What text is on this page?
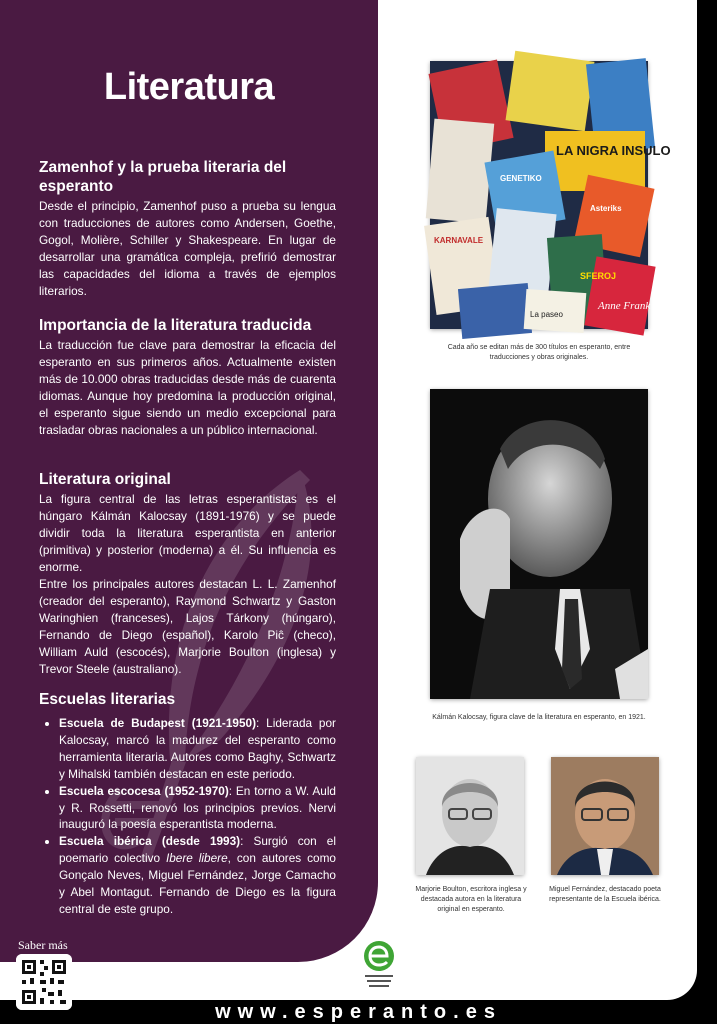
Literatura
Zamenhof y la prueba literaria del esperanto

Desde el principio, Zamenhof puso a prueba su lengua con traducciones de autores como Andersen, Goethe, Gogol, Molière, Schiller y Shakespeare. En lugar de desarrollar una gramática compleja, prefirió demostrar las capacidades del idioma a través de ejemplos literarios.

Importancia de la literatura traducida

La traducción fue clave para demostrar la eficacia del esperanto en sus primeros años. Actualmente existen más de 10.000 obras traducidas desde más de cuarenta idiomas. Aunque hoy predomina la producción original, el esperanto sigue siendo un medio excepcional para trasladar obras nacionales a un público internacional.

Literatura original

La figura central de las letras esperantistas es el húngaro Kálmán Kalocsay (1891-1976) y se puede dividir toda la literatura esperantista en anterior (primitiva) y posterior (moderna) a él. Su influencia es enorme.

Entre los principales autores destacan L. L. Zamenhof (creador del esperanto), Raymond Schwartz y Gaston Waringhien (franceses), Lajos Tárkony (húngaro), Fernando de Diego (español), Karolo Piĉ (checo), William Auld (escocés), Marjorie Boulton (inglesa) y Trevor Steele (australiano).

Escuelas literarias
• Escuela de Budapest (1921-1950): Liderada por Kalocsay, marcó la madurez del esperanto como herramienta literaria. Autores como Baghy, Schwartz y Mihalski también destacan en este periodo.
• Escuela escocesa (1952-1970): En torno a W. Auld y R. Rossetti, renovó los principios previos. Nervi inauguró la poesía esperantista moderna.
• Escuela ibérica (desde 1993): Surgió con el poemario colectivo Ibere libere, con autores como Gonçalo Neves, Miguel Fernández, Jorge Camacho y Abel Montagut. Fernando de Diego es la figura central de este grupo.
LA NIGRA INSULO
GENETIKO
Asteriks
KARNAVALE
Anne Frank
La paseo
SFEROJ
Cada año se editan más de 300 títulos en esperanto, entre traducciones y obras originales.
Kálmán Kalocsay, figura clave de la literatura en esperanto, en 1921.
Marjorie Boulton, escritora inglesa y destacada autora en la literatura original en esperanto.
Miguel Fernández, destacado poeta representante de la Escuela ibérica.
Saber más
www.esperanto.es
